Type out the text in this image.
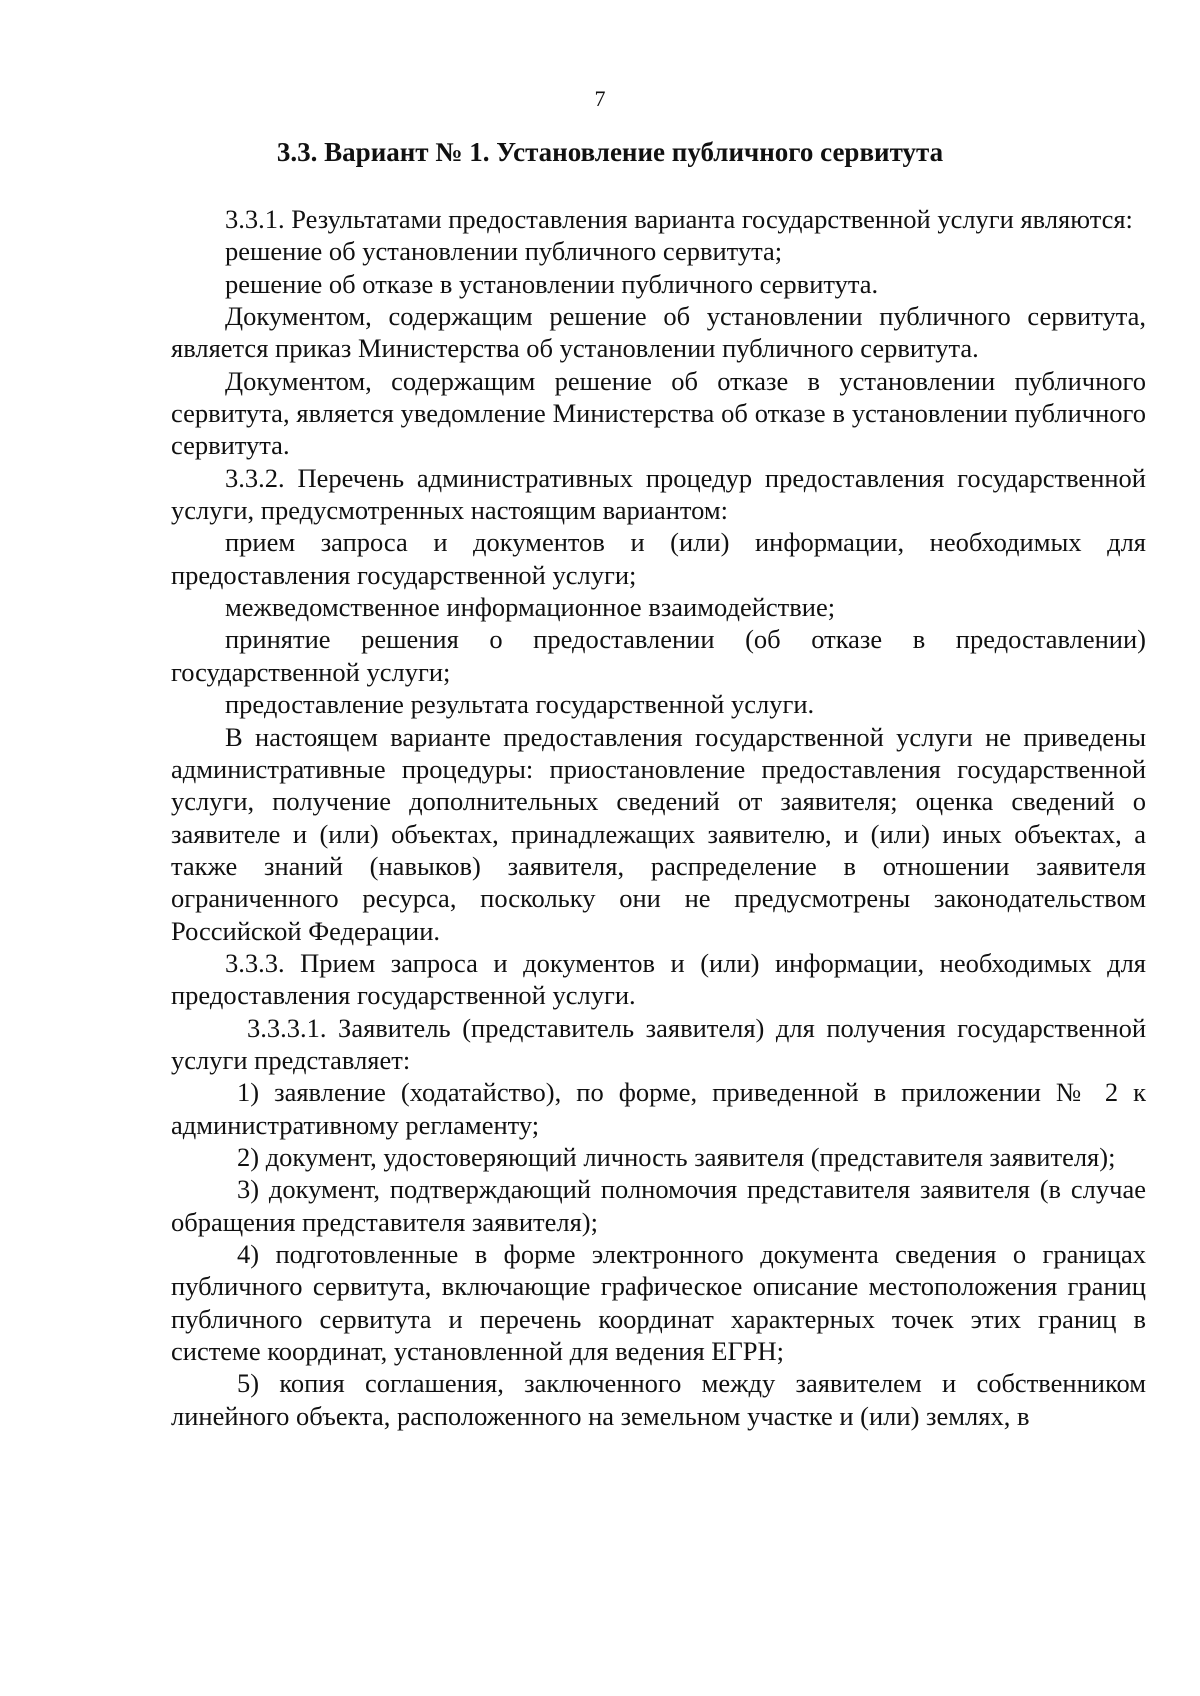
7
3.3. Вариант № 1. Установление публичного сервитута

3.3.1. Результатами предоставления варианта государственной услуги являются:

решение об установлении публичного сервитута;

решение об отказе в установлении публичного сервитута.

Документом, содержащим решение об установлении публичного сервитута, является приказ Министерства об установлении публичного сервитута.

Документом, содержащим решение об отказе в установлении публичного сервитута, является уведомление Министерства об отказе в установлении публичного сервитута.

3.3.2. Перечень административных процедур предоставления государственной услуги, предусмотренных настоящим вариантом:

прием запроса и документов и (или) информации, необходимых для предоставления государственной услуги;

межведомственное информационное взаимодействие;

принятие решения о предоставлении (об отказе в предоставлении) государственной услуги;

предоставление результата государственной услуги.

В настоящем варианте предоставления государственной услуги не приведены административные процедуры: приостановление предоставления государственной услуги, получение дополнительных сведений от заявителя; оценка сведений о заявителе и (или) объектах, принадлежащих заявителю, и (или) иных объектах, а также знаний (навыков) заявителя, распределение в отношении заявителя ограниченного ресурса, поскольку они не предусмотрены законодательством Российской Федерации.

3.3.3. Прием запроса и документов и (или) информации, необходимых для предоставления государственной услуги.

3.3.3.1. Заявитель (представитель заявителя) для получения государственной услуги представляет:

1) заявление (ходатайство), по форме, приведенной в приложении № 2 к административному регламенту;

2) документ, удостоверяющий личность заявителя (представителя заявителя);

3) документ, подтверждающий полномочия представителя заявителя (в случае обращения представителя заявителя);

4) подготовленные в форме электронного документа сведения о границах публичного сервитута, включающие графическое описание местоположения границ публичного сервитута и перечень координат характерных точек этих границ в системе координат, установленной для ведения ЕГРН;

5) копия соглашения, заключенного между заявителем и собственником линейного объекта, расположенного на земельном участке и (или) землях, в
